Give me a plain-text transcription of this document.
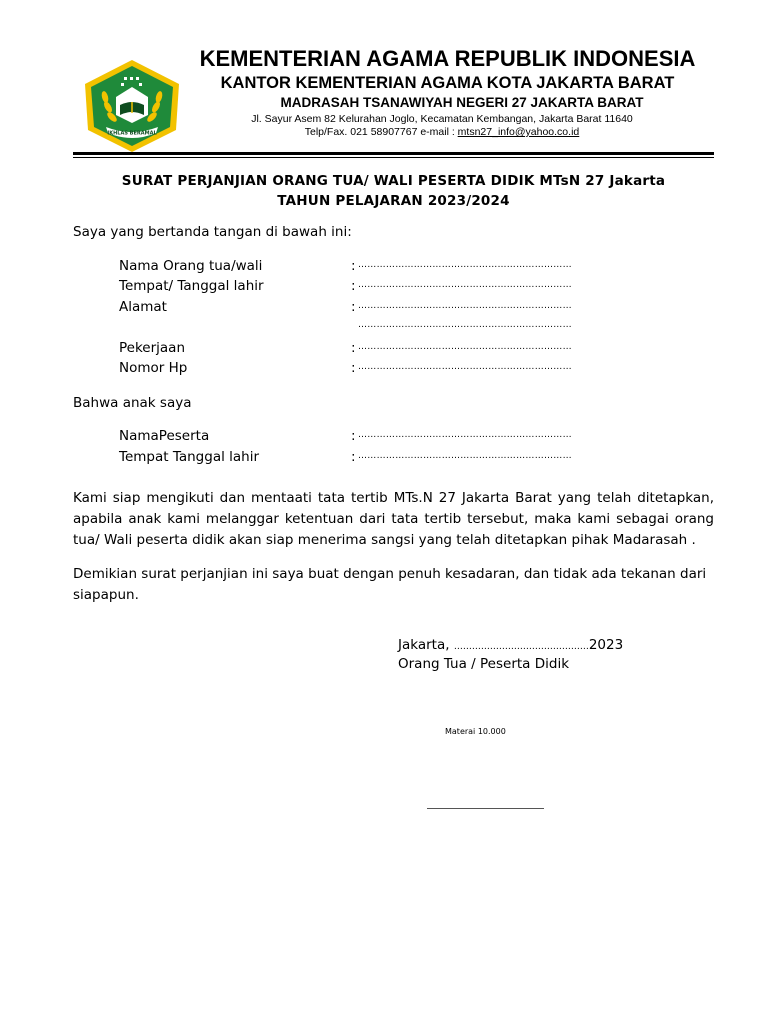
IKHLAS BERAMAL
KEMENTERIAN AGAMA REPUBLIK INDONESIA
KANTOR KEMENTERIAN AGAMA KOTA JAKARTA BARAT
MADRASAH TSANAWIYAH NEGERI 27 JAKARTA BARAT
Jl. Sayur Asem 82 Kelurahan Joglo, Kecamatan Kembangan, Jakarta Barat 11640
Telp/Fax. 021 58907767 e-mail : mtsn27_info@yahoo.co.id
SURAT PERJANJIAN ORANG TUA/ WALI PESERTA DIDIK MTsN 27 Jakarta
TAHUN PELAJARAN 2023/2024
Saya yang bertanda tangan di bawah ini:
Nama Orang tua/wali	: ……………………………………………………………
Tempat/ Tanggal lahir	: ……………………………………………………………
Alamat	: ……………………………………………………………
……………………………………………………………
Pekerjaan	: ……………………………………………………………
Nomor Hp	: ……………………………………………………………
Bahwa anak saya
NamaPeserta	: ……………………………………………………………
Tempat Tanggal lahir	: ……………………………………………………………
Kami siap mengikuti dan mentaati tata tertib MTs.N 27 Jakarta Barat yang telah ditetapkan, apabila anak kami melanggar ketentuan dari tata tertib tersebut, maka kami sebagai orang tua/ Wali peserta didik akan siap menerima sangsi yang telah ditetapkan pihak Madarasah .
Demikian surat perjanjian ini saya buat dengan penuh kesadaran, dan tidak ada tekanan dari siapapun.
Jakarta, ………………………………………2023
Orang Tua / Peserta Didik
Materai 10.000
